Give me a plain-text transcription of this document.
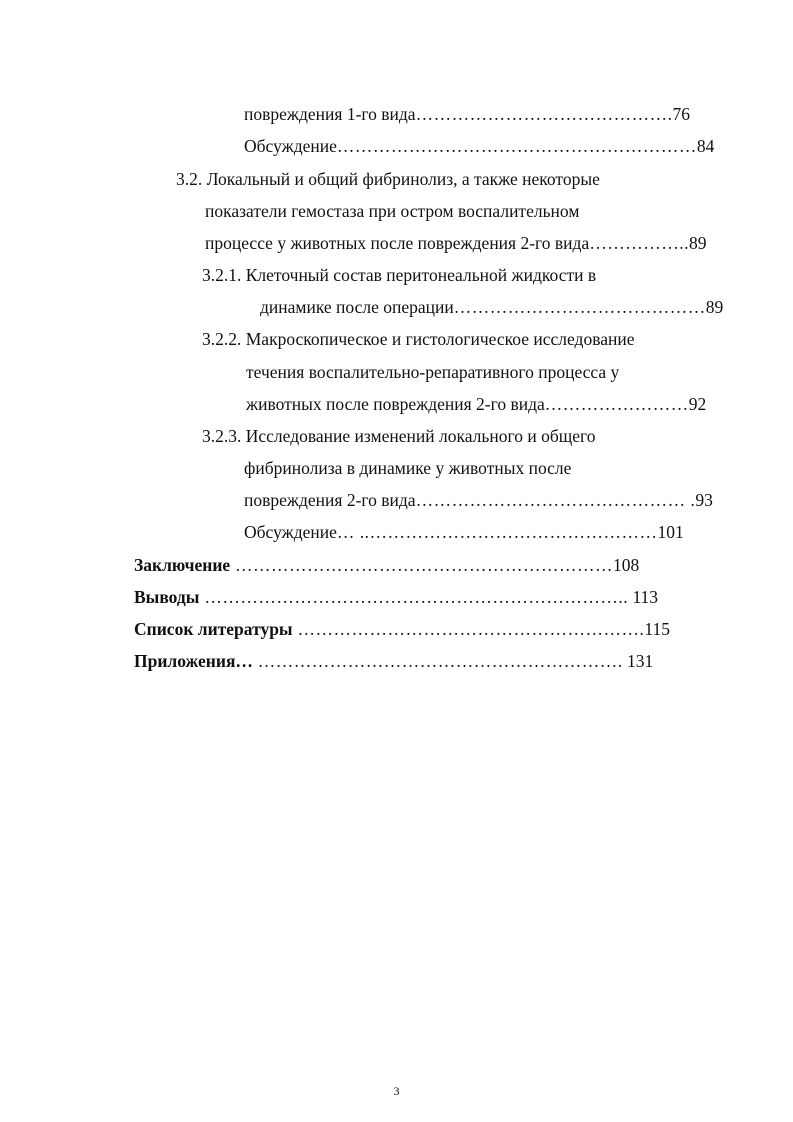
повреждения 1-го вида…………………………………….76
Обсуждение……………………………………………………84
3.2. Локальный и общий фибринолиз, а также некоторые
показатели гемостаза при остром воспалительном
процессе у животных после повреждения 2-го вида……………..89
3.2.1. Клеточный состав перитонеальной жидкости в
динамике после операции……………………………………89
3.2.2. Макроскопическое и гистологическое исследование
течения воспалительно-репаративного процесса у
животных после повреждения 2-го вида……………………92
3.2.3. Исследование изменений локального и общего
фибринолиза в динамике у животных после
повреждения 2-го вида……………………………………… .93
Обсуждение… ..…………………………………………101
Заключение ………………………………………………………108
Выводы …………………………………………………………….. 113
Список литературы ………………………………………………….115
Приложения… ……………………………………………………. 131
3
